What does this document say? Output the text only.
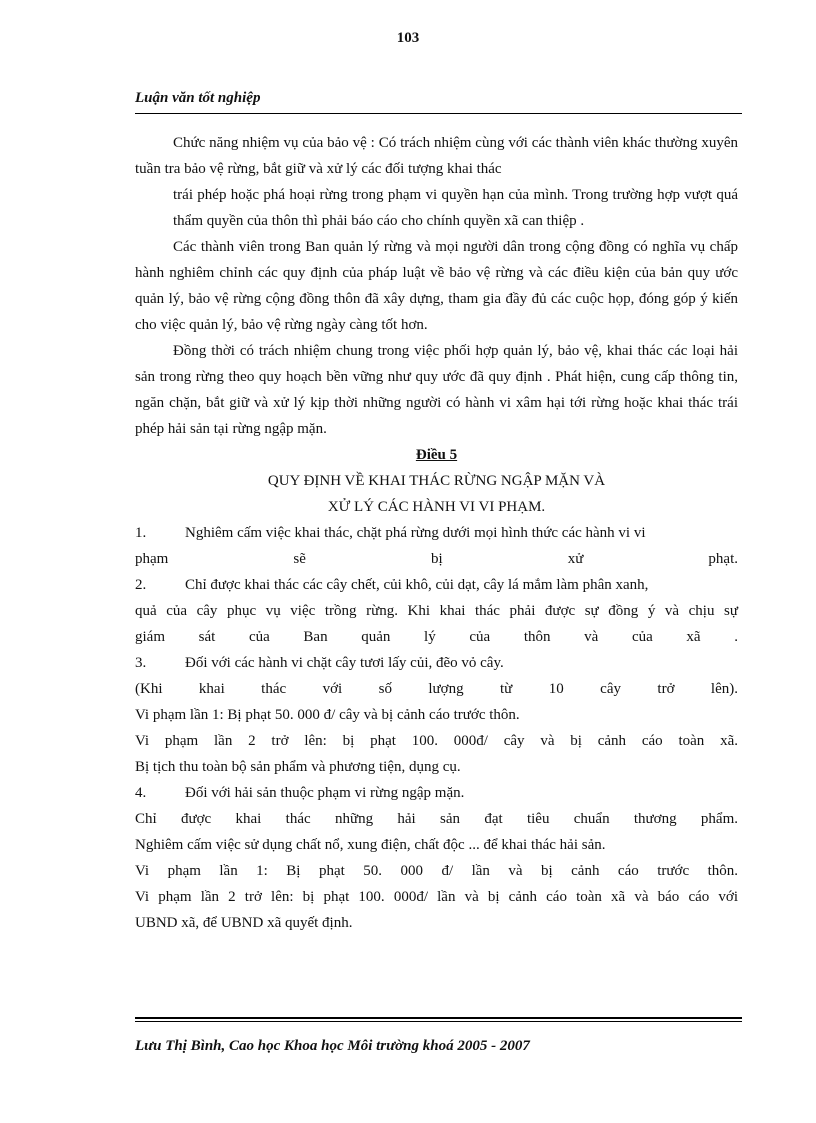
103
Luận văn tốt nghiệp

Chức năng nhiệm vụ của bảo vệ : Có trách nhiệm cùng với các thành viên khác thường xuyên tuần tra bảo vệ rừng, bắt giữ và xử lý các đối tượng khai thác

trái phép hoặc phá hoại rừng trong phạm vi quyền hạn của mình. Trong trường hợp vượt quá thẩm quyền của thôn thì phải báo cáo cho chính quyền xã can thiệp .

Các thành viên trong Ban quản lý rừng và mọi người dân trong cộng đồng có nghĩa vụ chấp hành nghiêm chỉnh các quy định của pháp luật về bảo vệ rừng và các điều kiện của bản quy ước quản lý, bảo vệ rừng cộng đồng thôn đã xây dựng, tham gia đầy đủ các cuộc họp, đóng góp ý kiến cho việc quản lý, bảo vệ rừng ngày càng tốt hơn.

Đồng thời có trách nhiệm chung trong việc phối hợp quản lý, bảo vệ, khai thác các loại hải sản trong rừng theo quy hoạch bền vững như quy ước đã quy định . Phát hiện, cung cấp thông tin, ngăn chặn, bắt giữ và xử lý kịp thời những người có hành vi xâm hại tới rừng hoặc khai thác trái phép hải sản tại rừng ngập mặn.

Điều 5

QUY ĐỊNH VỀ KHAI THÁC RỪNG NGẬP MẶN VÀ

XỬ LÝ CÁC HÀNH VI VI PHẠM.

1.	Nghiêm cấm việc khai thác, chặt phá rừng dưới mọi hình thức các hành vi vi

phạm sẽ bị xử phạt.

2.	Chỉ được khai thác các cây chết, củi khô, củi dạt, cây lá mắm làm phân xanh,

quả của cây phục vụ việc trồng rừng. Khi khai thác phải được sự đồng ý và chịu sự

giám sát của Ban quản lý của thôn và của xã .

3.	Đối với các hành vi chặt cây tươi lấy củi, đẽo vỏ cây.

(Khi khai thác với số lượng từ 10 cây trở lên).

Vi phạm lần 1: Bị phạt 50. 000 đ/ cây và bị cảnh cáo trước thôn.

Vi phạm lần 2 trở lên: bị phạt 100. 000đ/ cây và bị cảnh cáo toàn xã.

Bị tịch thu toàn bộ sản phẩm và phương tiện, dụng cụ.

4.	Đối với hải sản thuộc phạm vi rừng ngập mặn.

Chỉ được khai thác những hải sản đạt tiêu chuẩn thương phẩm.

Nghiêm cấm việc sử dụng chất nổ, xung điện, chất độc ... để khai thác hải sản.

Vi phạm lần 1: Bị phạt 50. 000 đ/ lần và bị cảnh cáo trước thôn.

Vi phạm lần 2 trở lên: bị phạt 100. 000đ/ lần và bị cảnh cáo toàn xã và báo cáo với

UBND xã, để UBND xã quyết định.

Lưu Thị Bình, Cao học Khoa học Môi trường khoá 2005 - 2007
